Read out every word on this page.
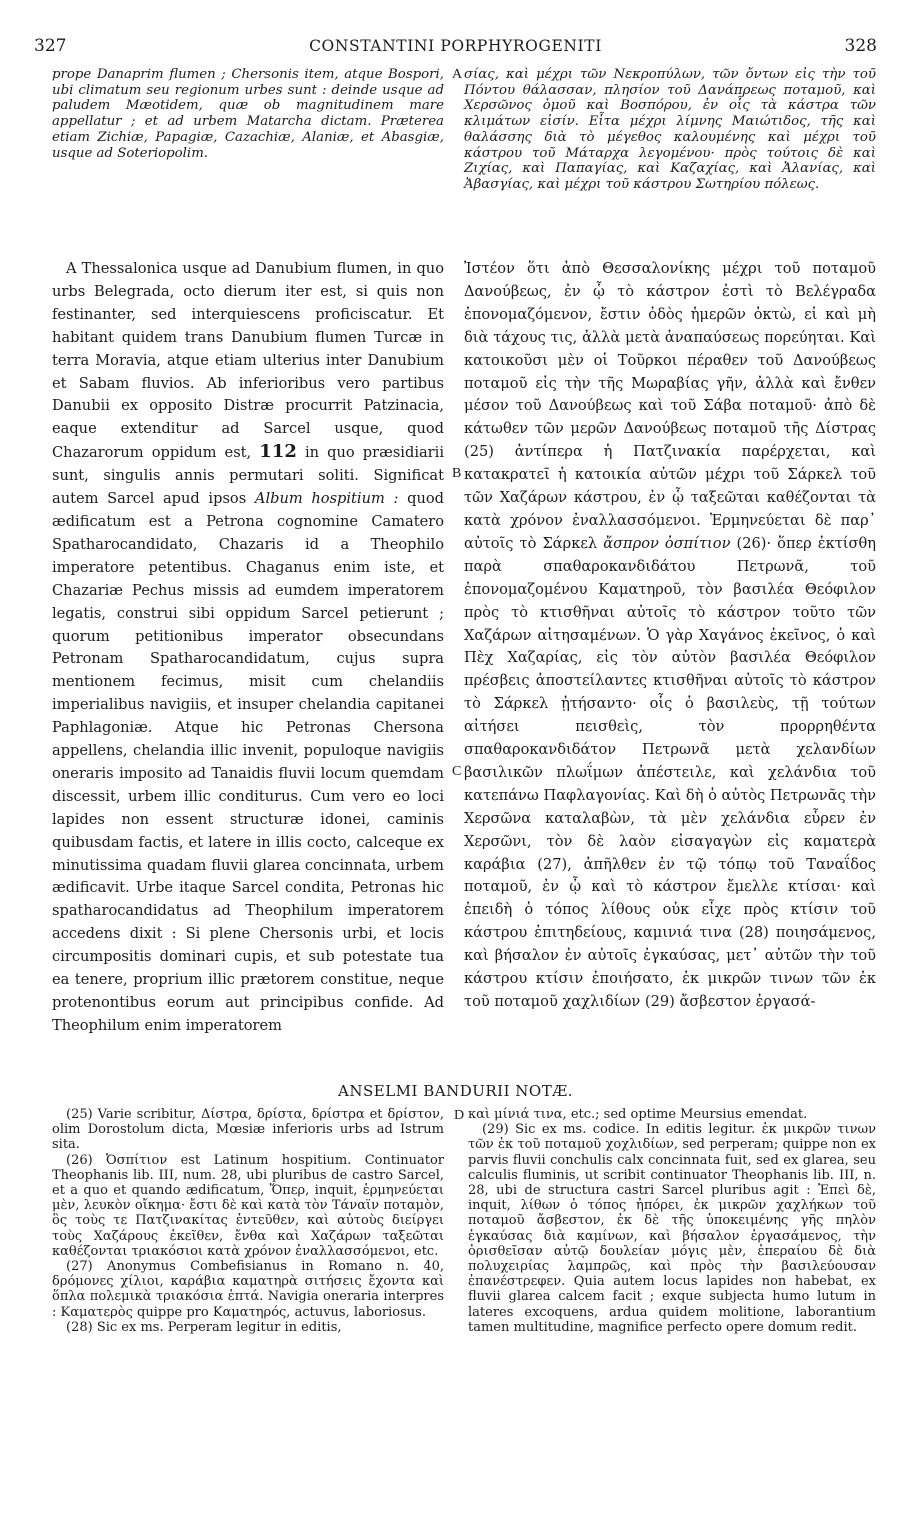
327	CONSTANTINI PORPHYROGENITI	328

prope Danaprim flumen ; Chersonis item, atque Bospori, ubi climatum seu regionum urbes sunt : deinde usque ad paludem Mæotidem, quæ ob magnitudinem mare appellatur ; et ad urbem Matarcha dictam. Præterea etiam Zichiæ, Papagiæ, Cazachiæ, Alaniæ, et Abasgiæ, usque ad Soteriopolim.

σίας, καὶ μέχρι τῶν Νεκροπύλων, τῶν ὄντων εἰς τὴν τοῦ Πόντου θάλασσαν, πλησίον τοῦ Δανάπρεως ποταμοῦ, καὶ Χερσῶνος ὁμοῦ καὶ Βοσπόρου, ἐν οἷς τὰ κάστρα τῶν κλιμάτων εἰσίν. Εἶτα μέχρι λίμνης Μαιώτιδος, τῆς καὶ θαλάσσης διὰ τὸ μέγεθος καλουμένης καὶ μέχρι τοῦ κάστρου τοῦ Μάταρχα λεγομένου· πρὸς τούτοις δὲ καὶ Ζιχίας, καὶ Παπαγίας, καὶ Καζαχίας, καὶ Ἀλανίας, καὶ Ἀβασγίας, καὶ μέχρι τοῦ κάστρου Σωτηρίου πόλεως.

A Thessalonica usque ad Danubium flumen, in quo urbs Belegrada, octo dierum iter est, si quis non festinanter, sed interquiescens proficiscatur. Et habitant quidem trans Danubium flumen Turcæ in terra Moravia, atque etiam ulterius inter Danubium et Sabam fluvios. Ab inferioribus vero partibus Danubii ex opposito Distræ procurrit Patzinacia, eaque extenditur ad Sarcel usque, quod Chazarorum oppidum est, 112 in quo præsidiarii sunt, singulis annis permutari soliti. Significat autem Sarcel apud ipsos Album hospitium : quod ædificatum est a Petrona cognomine Camatero Spatharocandidato, Chazaris id a Theophilo imperatore petentibus. Chaganus enim iste, et Chazariæ Pechus missis ad eumdem imperatorem legatis, construi sibi oppidum Sarcel petierunt ; quorum petitionibus imperator obsecundans Petronam Spatharocandidatum, cujus supra mentionem fecimus, misit cum chelandiis imperialibus navigiis, et insuper chelandia capitanei Paphlagoniæ. Atque hic Petronas Chersona appellens, chelandia illic invenit, populoque navigiis oneraris imposito ad Tanaidis fluvii locum quemdam discessit, urbem illic conditurus. Cum vero eo loci lapides non essent structuræ idonei, caminis quibusdam factis, et latere in illis cocto, calceque ex minutissima quadam fluvii glarea concinnata, urbem ædificavit. Urbe itaque Sarcel condita, Petronas hic spatharocandidatus ad Theophilum imperatorem accedens dixit : Si plene Chersonis urbi, et locis circumpositis dominari cupis, et sub potestate tua ea tenere, proprium illic prætorem constitue, neque protenontibus eorum aut principibus confide. Ad Theophilum enim imperatorem

Ἰστέον ὅτι ἀπὸ Θεσσαλονίκης μέχρι τοῦ ποταμοῦ Δανούβεως, ἐν ᾧ τὸ κάστρον ἐστὶ τὸ Βελέγραδα ἐπονομαζόμενον, ἔστιν ὁδὸς ἡμερῶν ὀκτὼ, εἰ καὶ μὴ διὰ τάχους τις, ἀλλὰ μετὰ ἀναπαύσεως πορεύηται. Καὶ κατοικοῦσι μὲν οἱ Τοῦρκοι πέραθεν τοῦ Δανούβεως ποταμοῦ εἰς τὴν τῆς Μωραβίας γῆν, ἀλλὰ καὶ ἔνθεν μέσον τοῦ Δανούβεως καὶ τοῦ Σάβα ποταμοῦ· ἀπὸ δὲ κάτωθεν τῶν μερῶν Δανούβεως ποταμοῦ τῆς Δίστρας (25) ἀντίπερα ἡ Πατζινακία παρέρχεται, καὶ κατακρατεῖ ἡ κατοικία αὐτῶν μέχρι τοῦ Σάρκελ τοῦ τῶν Χαζάρων κάστρου, ἐν ᾧ ταξεῶται καθέζονται τὰ κατὰ χρόνον ἐναλλασσόμενοι. Ἑρμηνεύεται δὲ παρ᾽ αὐτοῖς τὸ Σάρκελ ἄσπρον ὀσπίτιον (26)· ὅπερ ἐκτίσθη παρὰ σπαθαροκανδιδάτου Πετρωνᾶ, τοῦ ἐπονομαζομένου Καματηροῦ, τὸν βασιλέα Θεόφιλον πρὸς τὸ κτισθῆναι αὐτοῖς τὸ κάστρον τοῦτο τῶν Χαζάρων αἰτησαμένων. Ὁ γὰρ Χαγάνος ἐκεῖνος, ὁ καὶ Πὲχ Χαζαρίας, εἰς τὸν αὐτὸν βασιλέα Θεόφιλον πρέσβεις ἀποστείλαντες κτισθῆναι αὐτοῖς τὸ κάστρον τὸ Σάρκελ ᾐτήσαντο· οἷς ὁ βασιλεὺς, τῇ τούτων αἰτήσει πεισθεὶς, τὸν προρρηθέντα σπαθαροκανδιδάτον Πετρωνᾶ μετὰ χελανδίων βασιλικῶν πλωΐμων ἀπέστειλε, καὶ χελάνδια τοῦ κατεπάνω Παφλαγονίας. Καὶ δὴ ὁ αὐτὸς Πετρωνᾶς τὴν Χερσῶνα καταλαβὼν, τὰ μὲν χελάνδια εὗρεν ἐν Χερσῶνι, τὸν δὲ λαὸν εἰσαγαγὼν εἰς καματερὰ καράβια (27), ἀπῆλθεν ἐν τῷ τόπῳ τοῦ Ταναΐδος ποταμοῦ, ἐν ᾧ καὶ τὸ κάστρον ἔμελλε κτίσαι· καὶ ἐπειδὴ ὁ τόπος λίθους οὐκ εἶχε πρὸς κτίσιν τοῦ κάστρου ἐπιτηδείους, καμινιά τινα (28) ποιησάμενος, καὶ βήσαλον ἐν αὐτοῖς ἐγκαύσας, μετ᾽ αὐτῶν τὴν τοῦ κάστρου κτίσιν ἐποιήσατο, ἐκ μικρῶν τινων τῶν ἐκ τοῦ ποταμοῦ χαχλιδίων (29) ἄσβεστον ἐργασά-

A
B
C
D
ANSELMI BANDURII NOTÆ.

(25) Varie scribitur, Δίστρα, δρίστα, δρίστρα et δρίστον, olim Dorostolum dicta, Mœsiæ inferioris urbs ad Istrum sita.

(26) Ὀσπίτιον est Latinum hospitium. Continuator Theophanis lib. III, num. 28, ubi pluribus de castro Sarcel, et a quo et quando ædificatum, Ὅπερ, inquit, ἑρμηνεύεται μὲν, λευκὸν οἴκημα· ἔστι δὲ καὶ κατὰ τὸν Τάναϊν ποταμὸν, ὃς τοὺς τε Πατζινακίτας ἐντεῦθεν, καὶ αὐτοὺς διείργει τοὺς Χαζάρους ἐκεῖθεν, ἔνθα καὶ Χαζάρων ταξεῶται καθέζονται τριακόσιοι κατὰ χρόνον ἐναλλασσόμενοι, etc.

(27) Anonymus Combefisianus in Romano n. 40, δρόμονες χίλιοι, καράβια καματηρὰ σιτήσεις ἔχοντα καὶ ὅπλα πολεμικὰ τριακόσια ἑπτά. Navigia oneraria interpres : Καματερὸς quippe pro Καματηρός, actuvus, laboriosus.

(28) Sic ex ms. Perperam legitur in editis,

καὶ μίνιά τινα, etc.; sed optime Meursius emendat.

(29) Sic ex ms. codice. In editis legitur. ἐκ μικρῶν τινων τῶν ἐκ τοῦ ποταμοῦ χοχλιδίων, sed perperam; quippe non ex parvis fluvii conchulis calx concinnata fuit, sed ex glarea, seu calculis fluminis, ut scribit continuator Theophanis lib. III, n. 28, ubi de structura castri Sarcel pluribus agit : Ἐπεὶ δὲ, inquit, λίθων ὁ τόπος ἠπόρει, ἐκ μικρῶν χαχλήκων τοῦ ποταμοῦ ἄσβεστον, ἐκ δὲ τῆς ὑποκειμένης γῆς πηλὸν ἐγκαύσας διὰ καμίνων, καὶ βήσαλον ἐργασάμενος, τὴν ὁρισθεῖσαν αὐτῷ δουλείαν μόγις μὲν, ἐπεραίου δὲ διὰ πολυχειρίας λαμπρῶς, καὶ πρὸς τὴν βασιλεύουσαν ἐπανέστρεφεν. Quia autem locus lapides non habebat, ex fluvii glarea calcem facit ; exque subjecta humo lutum in lateres excoquens, ardua quidem molitione, laborantium tamen multitudine, magnifice perfecto opere domum redit.
